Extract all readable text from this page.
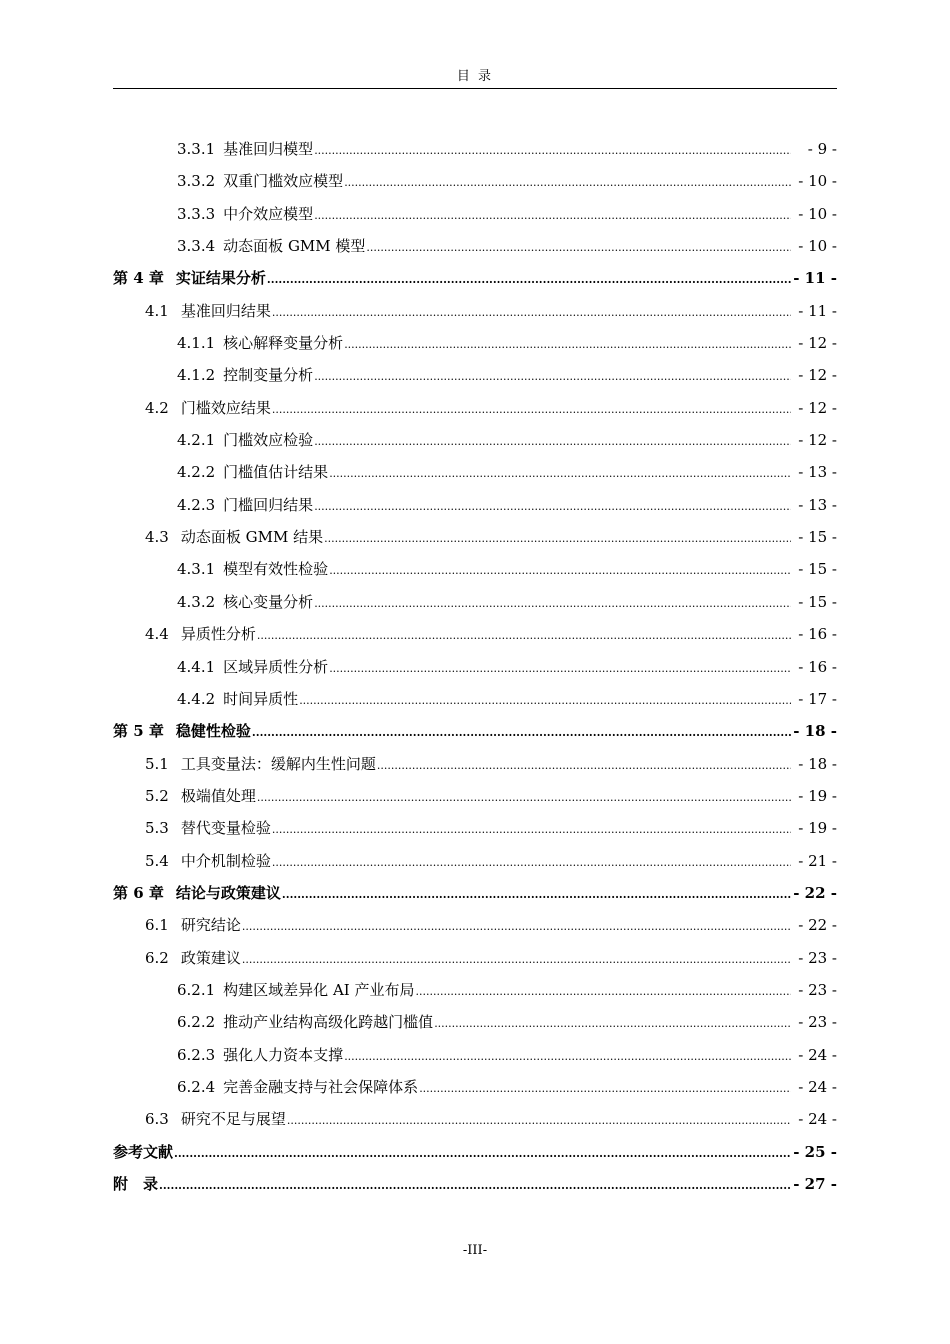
目 录
3.3.1 基准回归模型 .....	- 9 -
3.3.2 双重门槛效应模型 .....	- 10 -
3.3.3 中介效应模型 .....	- 10 -
3.3.4 动态面板 GMM 模型 .....	- 10 -
第 4 章 实证结果分析 .....	- 11 -
4.1 基准回归结果 .....	- 11 -
4.1.1 核心解释变量分析 .....	- 12 -
4.1.2 控制变量分析 .....	- 12 -
4.2 门槛效应结果 .....	- 12 -
4.2.1 门槛效应检验 .....	- 12 -
4.2.2 门槛值估计结果 .....	- 13 -
4.2.3 门槛回归结果 .....	- 13 -
4.3 动态面板 GMM 结果 .....	- 15 -
4.3.1 模型有效性检验 .....	- 15 -
4.3.2 核心变量分析 .....	- 15 -
4.4 异质性分析 .....	- 16 -
4.4.1 区域异质性分析 .....	- 16 -
4.4.2 时间异质性 .....	- 17 -
第 5 章 稳健性检验 .....	- 18 -
5.1 工具变量法：缓解内生性问题 .....	- 18 -
5.2 极端值处理 .....	- 19 -
5.3 替代变量检验 .....	- 19 -
5.4 中介机制检验 .....	- 21 -
第 6 章 结论与政策建议 .....	- 22 -
6.1 研究结论 .....	- 22 -
6.2 政策建议 .....	- 23 -
6.2.1 构建区域差异化 AI 产业布局 .....	- 23 -
6.2.2 推动产业结构高级化跨越门槛值 .....	- 23 -
6.2.3 强化人力资本支撑 .....	- 24 -
6.2.4 完善金融支持与社会保障体系 .....	- 24 -
6.3 研究不足与展望 .....	- 24 -
参考文献 .....	- 25 -
附　录 .....	- 27 -
-III-
